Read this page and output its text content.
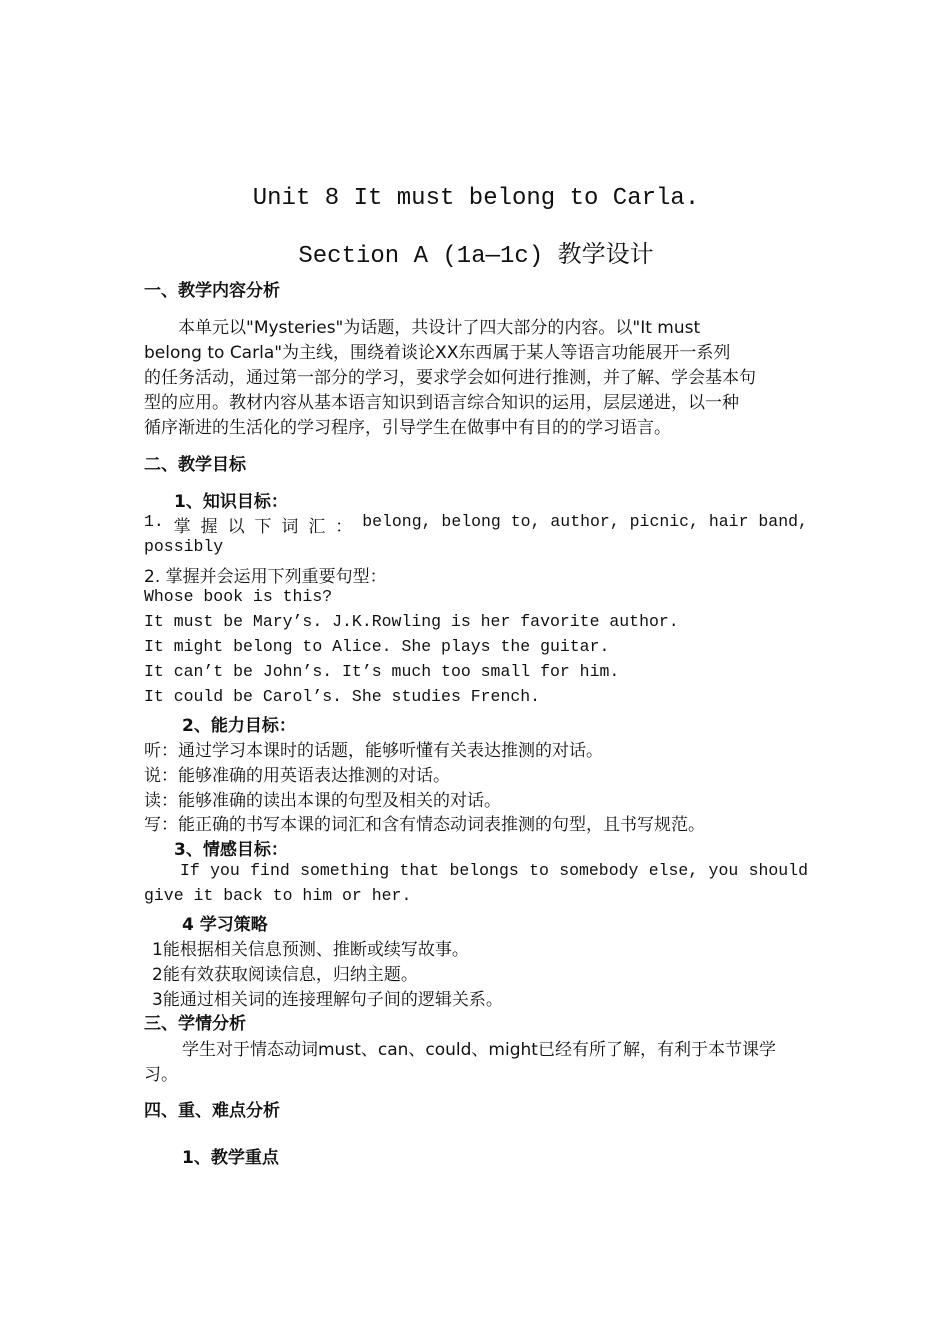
Unit 8 It must belong to Carla.
Section A (1a—1c) 教学设计
一、教学内容分析
本单元以"Mysteries"为话题，共设计了四大部分的内容。以"It must
belong to Carla"为主线，围绕着谈论XX东西属于某人等语言功能展开一系列
的任务活动，通过第一部分的学习，要求学会如何进行推测，并了解、学会基本句
型的应用。教材内容从基本语言知识到语言综合知识的运用，层层递进，以一种
循序渐进的生活化的学习程序，引导学生在做事中有目的的学习语言。
二、教学目标
1、知识目标：
1. 掌 握 以 下 词 汇 ： belong, belong to, author, picnic, hair band,
possibly
2. 掌握并会运用下列重要句型：
Whose book is this?
It must be Mary’s. J.K.Rowling is her favorite author.
It might belong to Alice. She plays the guitar.
It can’t be John’s. It’s much too small for him.
It could be Carol’s. She studies French.
2、能力目标：
听：通过学习本课时的话题，能够听懂有关表达推测的对话。
说：能够准确的用英语表达推测的对话。
读：能够准确的读出本课的句型及相关的对话。
写：能正确的书写本课的词汇和含有情态动词表推测的句型，且书写规范。
3、情感目标：
If you find something that belongs to somebody else, you should
give it back to him or her.
4 学习策略
1能根据相关信息预测、推断或续写故事。
2能有效获取阅读信息，归纳主题。
3能通过相关词的连接理解句子间的逻辑关系。
三、学情分析
学生对于情态动词must、can、could、might已经有所了解，有利于本节课学
习。
四、重、难点分析
1、教学重点
